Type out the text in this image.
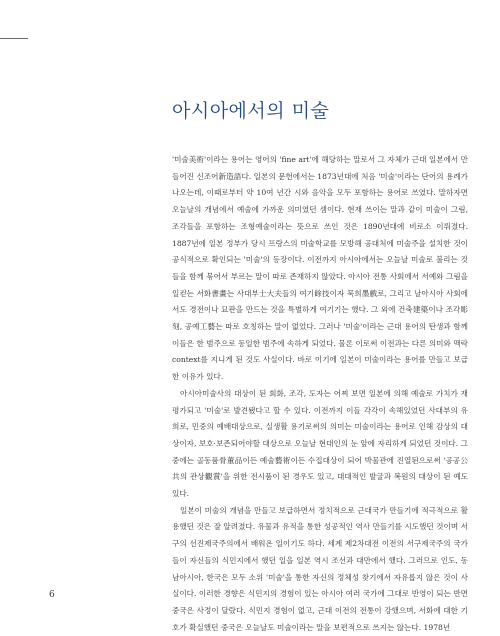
아시아에서의 미술

'미술美術'이라는 용어는 영어의 'fine art'에 해당하는 말로서 그 자체가 근대 일본에서 만들어진 신조어新造語다. 일본의 문헌에서는 1873년대에 처음 '미술'이라는 단어의 용례가 나오는데, 이때로부터 약 10여 년간 시와 음악을 모두 포함하는 용어로 쓰였다. 말하자면 오늘날의 개념에서 예술에 가까운 의미였던 셈이다. 현재 쓰이는 말과 같이 미술이 그림, 조각들을 포함하는 조형예술이라는 뜻으로 쓰인 것은 1890년대에 비로소 이뤄졌다. 1887년에 일본 정부가 당시 프랑스의 미술학교를 모방해 공대처에 미술주을 설치한 것이 공식적으로 확인되는 '미술'의 등장이다. 이전까지 아시아에서는 오늘날 미술로 불리는 것들을 함께 묶어서 부르는 말이 따로 존재하지 않았다. 아시아 전통 사회에서 서예와 그림을 일컫는 서화書畫는 사대부士大夫들의 여기餘技이자 묵희墨戲로, 그리고 날아시아 사회에서도 경전이나 묘판을 만드는 것을 특별하게 여기기는 했다. 그 외에 건축建築이나 조각彫刻, 공예工藝는 따로 호칭하는 말이 없었다. 그러나 '미술'이라는 근대 용어의 탄생과 함께 이들은 한 범주으로 동일한 범주에 속하게 되었다. 물론 이로써 이전과는 다른 의미와 맥락context를 지니게 된 것도 사실이다. 바로 이기에 일본이 미술이라는 용어를 만들고 보급한 이유가 있다.

아시아미술사의 대상이 된 회화, 조각, 도자는 어찌 보면 일본에 의해 예술로 가치가 재평가되고 '미술'로 발견됐다고 할 수 있다. 이전까지 이들 각각이 속해있었던 사대부의 유희로, 민중의 예배대상으로, 실생활 용기로써의 의미는 미술이라는 용어로 인해 감상의 대상이자, 보호·보존되어야할 대상으로 오늘날 현대인의 눈 앞에 자리하게 되었던 것이다. 그 중에는 골동품骨董品이든 예술藝術이든 수집대상이 되어 박물관에 진열된으로써 '공공公共의 관상觀賞'을 위한 전시품이 된 경우도 있고, 대대적인 발굴과 복원의 대상이 된 예도 있다.

일본이 미술의 개념을 만들고 보급하면서 정치적으로 근대국가 만들기에 적극적으로 활용했던 것은 잘 알려졌다. 유물과 유적을 통한 성공적인 역사 만들기를 시도했던 것이며 서구의 선진제국주의에서 배워온 일이기도 하다. 세계 제2차대전 이전의 서구제국주의 국가들이 자신들의 식민지에서 했던 일을 일본 역시 조선과 대만에서 했다. 그러므로 인도, 동남아시아, 한국은 모두 소위 '미술'을 통한 자신의 정체성 찾기에서 자유롭지 않은 것이 사실이다. 이러한 경향은 식민지의 경험이 있는 아시아 여러 국가에 그대로 반영이 되는 반면 중국은 사정이 달랐다. 식민지 경험이 없고, 근대 이전의 전통이 강했으며, 서화에 대한 기호가 확실했던 중국은 오늘날도 미술이라는 말을 보편적으로 쓰지는 않는다. 1978년

6
